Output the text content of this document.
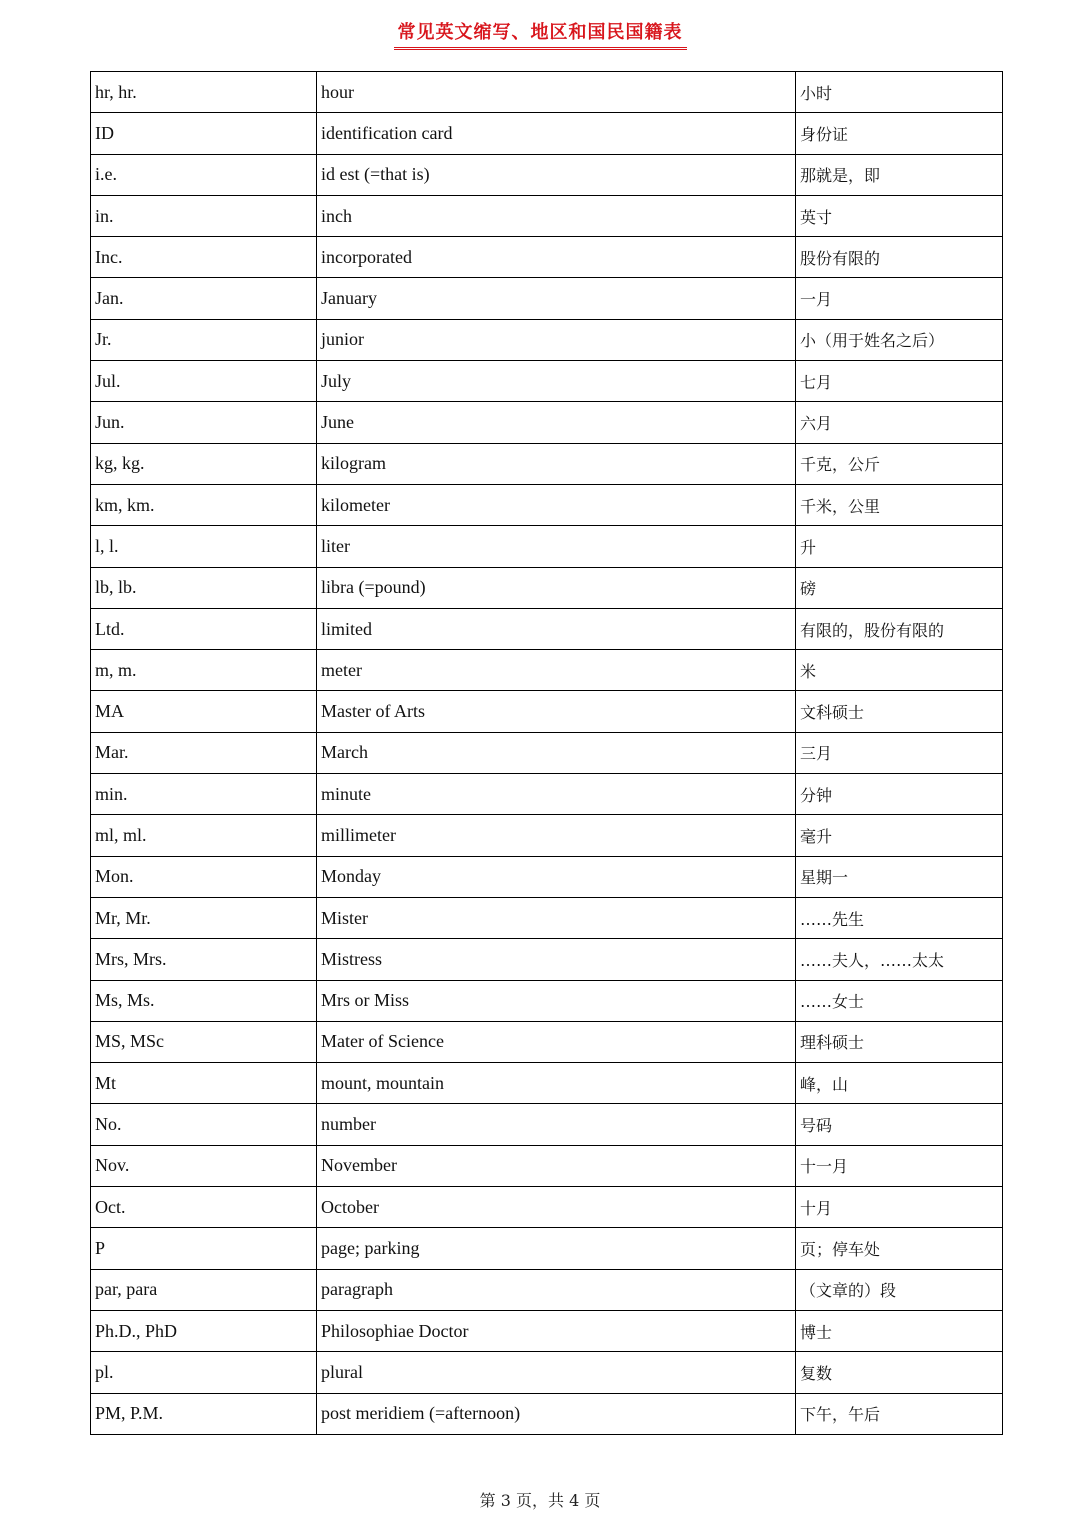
常见英文缩写、地区和国民国籍表
hr, hr.	hour	小时
ID	identification card	身份证
i.e.	id est (=that is)	那就是，即
in.	inch	英寸
Inc.	incorporated	股份有限的
Jan.	January	一月
Jr.	junior	小（用于姓名之后）
Jul.	July	七月
Jun.	June	六月
kg, kg.	kilogram	千克，公斤
km, km.	kilometer	千米，公里
l, l.	liter	升
lb, lb.	libra (=pound)	磅
Ltd.	limited	有限的，股份有限的
m, m.	meter	米
MA	Master of Arts	文科硕士
Mar.	March	三月
min.	minute	分钟
ml, ml.	millimeter	毫升
Mon.	Monday	星期一
Mr, Mr.	Mister	……先生
Mrs, Mrs.	Mistress	……夫人，……太太
Ms, Ms.	Mrs or Miss	……女士
MS, MSc	Mater of Science	理科硕士
Mt	mount, mountain	峰，山
No.	number	号码
Nov.	November	十一月
Oct.	October	十月
P	page; parking	页；停车处
par, para	paragraph	（文章的）段
Ph.D., PhD	Philosophiae Doctor	博士
pl.	plural	复数
PM, P.M.	post meridiem (=afternoon)	下午，午后
第 3 页，共 4 页
